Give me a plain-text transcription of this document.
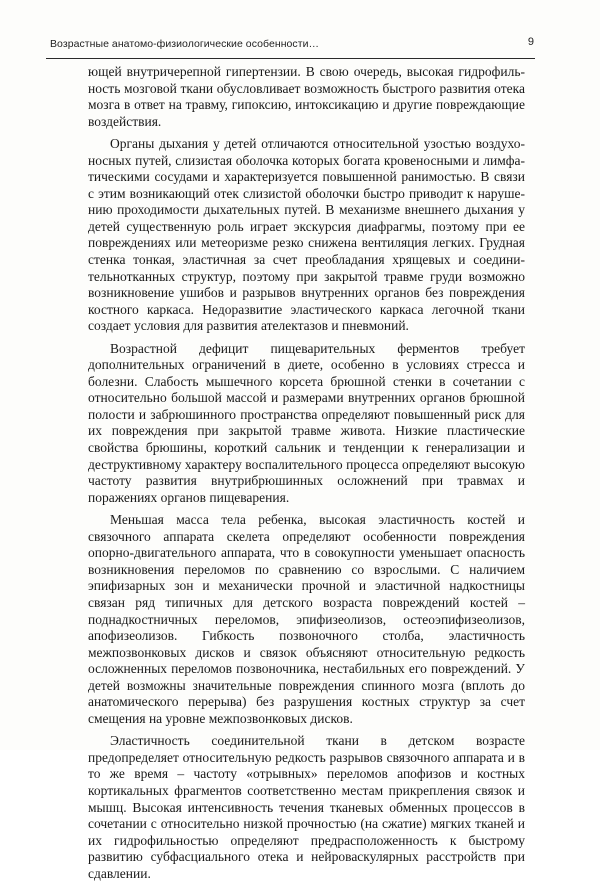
Возрастные анатомо-физиологические особенности…	9

ющей внутричерепной гипертензии. В свою очередь, высокая гидрофильность мозговой ткани обусловливает возможность быстрого развития отека мозга в ответ на травму, гипоксию, интоксикацию и другие повреждающие воздействия.

Органы дыхания у детей отличаются относительной узостью воздухоносных путей, слизистая оболочка которых богата кровеносными и лимфатическими сосудами и характеризуется повышенной ранимостью. В связи с этим возникающий отек слизистой оболочки быстро приводит к нарушению проходимости дыхательных путей. В механизме внешнего дыхания у детей существенную роль играет экскурсия диафрагмы, поэтому при ее повреждениях или метеоризме резко снижена вентиляция легких. Грудная стенка тонкая, эластичная за счет преобладания хрящевых и соединительнотканных структур, поэтому при закрытой травме груди возможно возникновение ушибов и разрывов внутренних органов без повреждения костного каркаса. Недоразвитие эластического каркаса легочной ткани создает условия для развития ателектазов и пневмоний.

Возрастной дефицит пищеварительных ферментов требует дополнительных ограничений в диете, особенно в условиях стресса и болезни. Слабость мышечного корсета брюшной стенки в сочетании с относительно большой массой и размерами внутренних органов брюшной полости и забрюшинного пространства определяют повышенный риск для их повреждения при закрытой травме живота. Низкие пластические свойства брюшины, короткий сальник и тенденции к генерализации и деструктивному характеру воспалительного процесса определяют высокую частоту развития внутрибрюшинных осложнений при травмах и поражениях органов пищеварения.

Меньшая масса тела ребенка, высокая эластичность костей и связочного аппарата скелета определяют особенности повреждения опорно-двигательного аппарата, что в совокупности уменьшает опасность возникновения переломов по сравнению со взрослыми. С наличием эпифизарных зон и механически прочной и эластичной надкостницы связан ряд типичных для детского возраста повреждений костей – поднадкостничных переломов, эпифизеолизов, остеоэпифизеолизов, апофизеолизов. Гибкость позвоночного столба, эластичность межпозвонковых дисков и связок объясняют относительную редкость осложненных переломов позвоночника, нестабильных его повреждений. У детей возможны значительные повреждения спинного мозга (вплоть до анатомического перерыва) без разрушения костных структур за счет смещения на уровне межпозвонковых дисков.

Эластичность соединительной ткани в детском возрасте предопределяет относительную редкость разрывов связочного аппарата и в то же время – частоту «отрывных» переломов апофизов и костных кортикальных фрагментов соответственно местам прикрепления связок и мышц. Высокая интенсивность течения тканевых обменных процессов в сочетании с относительно низкой прочностью (на сжатие) мягких тканей и их гидрофильностью определяют предрасположенность к быстрому развитию субфасциального отека и нейроваскулярных расстройств при сдавлении.
